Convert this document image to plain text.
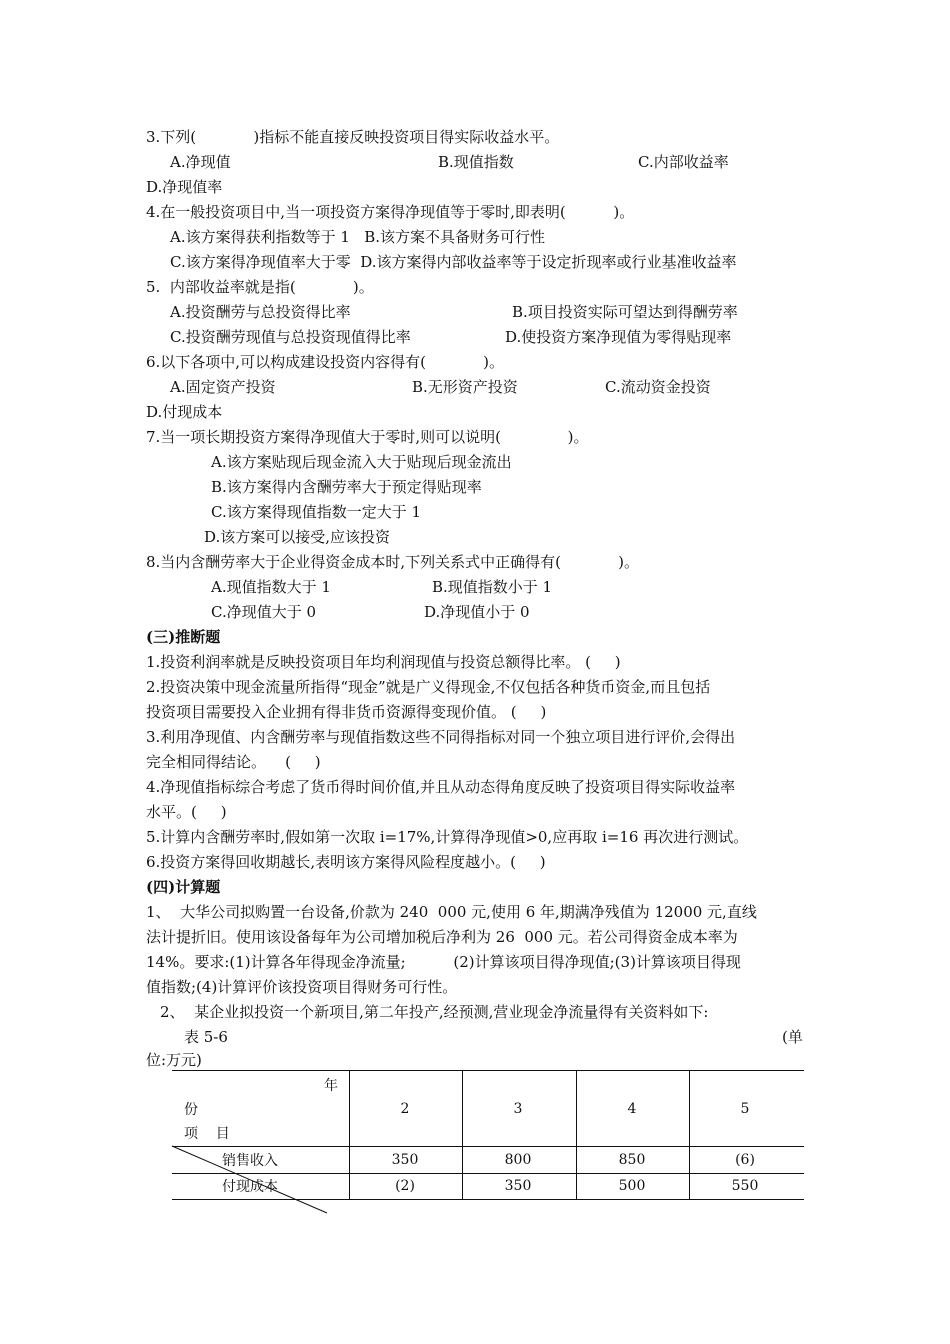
3.下列(            )指标不能直接反映投资项目得实际收益水平。
A.净现值	B.现值指数	C.内部收益率
D.净现值率
4.在一般投资项目中,当一项投资方案得净现值等于零时,即表明(          )。
A.该方案得获利指数等于 1   B.该方案不具备财务可行性
C.该方案得净现值率大于零  D.该方案得内部收益率等于设定折现率或行业基准收益率
5.  内部收益率就是指(            )。
A.投资酬劳与总投资得比率	B.项目投资实际可望达到得酬劳率
C.投资酬劳现值与总投资现值得比率	D.使投资方案净现值为零得贴现率
6.以下各项中,可以构成建设投资内容得有(            )。
A.固定资产投资	B.无形资产投资	C.流动资金投资
D.付现成本
7.当一项长期投资方案得净现值大于零时,则可以说明(              )。
A.该方案贴现后现金流入大于贴现后现金流出
B.该方案得内含酬劳率大于预定得贴现率
C.该方案得现值指数一定大于 1
D.该方案可以接受,应该投资
8.当内含酬劳率大于企业得资金成本时,下列关系式中正确得有(            )。
A.现值指数大于 1	B.现值指数小于 1
C.净现值大于 0	D.净现值小于 0
(三)推断题
1.投资利润率就是反映投资项目年均利润现值与投资总额得比率。 (     )
2.投资决策中现金流量所指得“现金”就是广义得现金,不仅包括各种货币资金,而且包括
投资项目需要投入企业拥有得非货币资源得变现价值。 (     )
3.利用净现值、内含酬劳率与现值指数这些不同得指标对同一个独立项目进行评价,会得出
完全相同得结论。    (     )
4.净现值指标综合考虑了货币得时间价值,并且从动态得角度反映了投资项目得实际收益率
水平。(     )
5.计算内含酬劳率时,假如第一次取 i=17%,计算得净现值>0,应再取 i=16 再次进行测试。
6.投资方案得回收期越长,表明该方案得风险程度越小。(     )
(四)计算题
1、  大华公司拟购置一台设备,价款为 240  000 元,使用 6 年,期满净残值为 12000 元,直线
法计提折旧。使用该设备每年为公司增加税后净利为 26  000 元。若公司得资金成本率为
14%。要求:(1)计算各年得现金净流量;          (2)计算该项目得净现值;(3)计算该项目得现
值指数;(4)计算评价该投资项目得财务可行性。
2、  某企业拟投资一个新项目,第二年投产,经预测,营业现金净流量得有关资料如下:
表 5-6	(单
位:万元)
年
份
项    目
2	3	4	5
销售收入	350	800	850	(6)
付现成本	(2)	350	500	550
